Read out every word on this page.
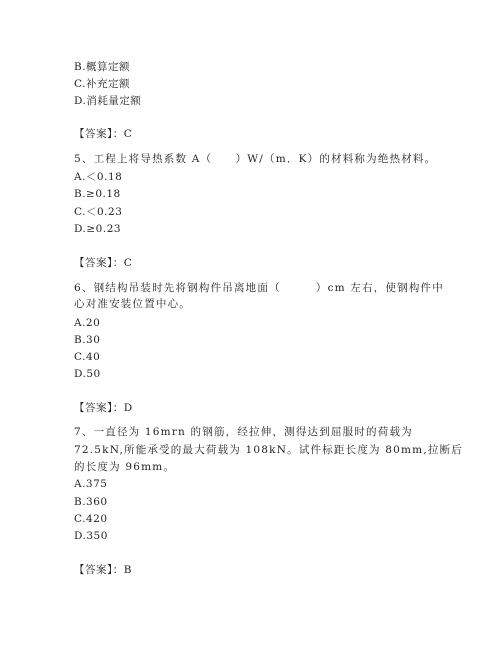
B.概算定额
C.补充定额
D.消耗量定额
【答案】：C
5、工程上将导热系数 A（　　）W/（m．K）的材料称为绝热材料。
A.＜0.18
B.≥0.18
C.＜0.23
D.≥0.23
【答案】：C
6、钢结构吊装时先将钢构件吊离地面（　　　）cm 左右，使钢构件中
心对准安装位置中心。
A.20
B.30
C.40
D.50
【答案】：D
7、一直径为 16mrn 的钢筋，经拉伸，测得达到屈服时的荷载为
72.5kN,所能承受的最大荷载为 108kN。试件标距长度为 80mm,拉断后
的长度为 96mm。
A.375
B.360
C.420
D.350
【答案】：B
